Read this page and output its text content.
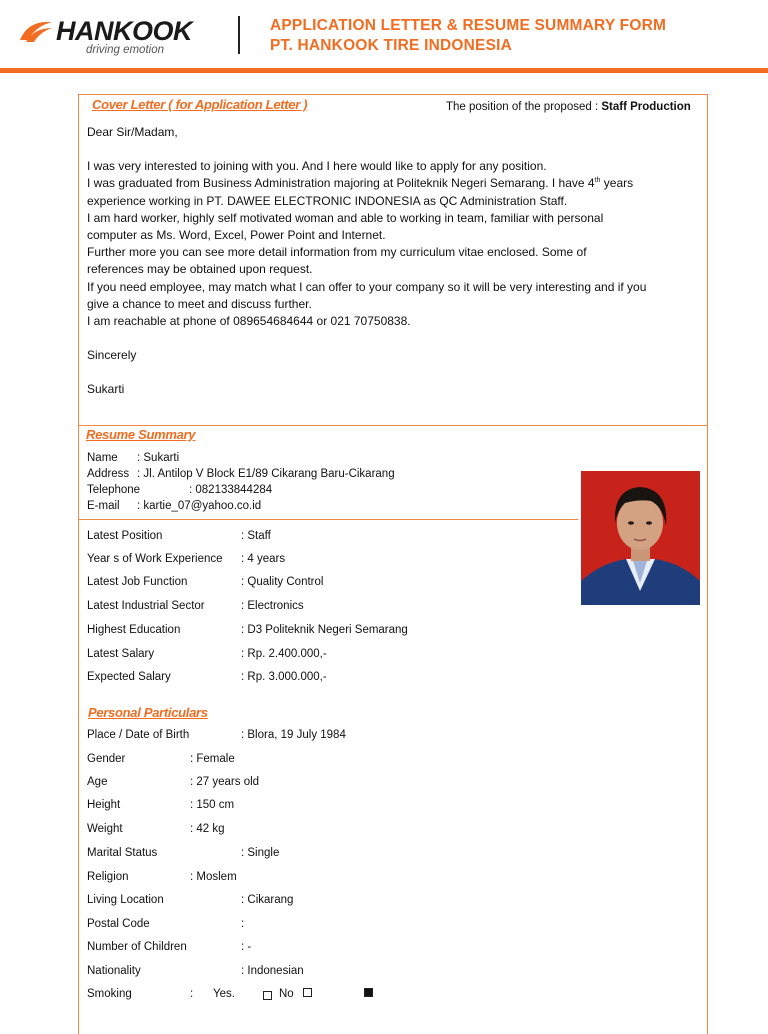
HANKOOK
driving emotion
APPLICATION LETTER & RESUME SUMMARY FORM
PT. HANKOOK TIRE INDONESIA
Cover Letter ( for Application Letter )	The position of the proposed : Staff Production

Dear Sir/Madam,

I was very interested to joining with you. And I here would like to apply for any position.

I was graduated from Business Administration majoring at Politeknik Negeri Semarang. I have 4th years

experience working in PT. DAWEE ELECTRONIC INDONESIA as QC Administration Staff.

I am hard worker, highly self motivated woman and able to working in team, familiar with personal

computer as Ms. Word, Excel, Power Point and Internet.

Further more you can see more detail information from my curriculum vitae enclosed. Some of

references may be obtained upon request.

If you need employee, may match what I can offer to your company so it will be very interesting and if you

give a chance to meet and discuss further.

I am reachable at phone of 089654684644 or 021 70750838.

Sincerely

Sukarti

Resume Summary
Name : Sukarti
Address : Jl. Antilop V Block E1/89 Cikarang Baru-Cikarang
Telephone	: 082133844284
E-mail : kartie_07@yahoo.co.id
Latest Position	: Staff
Year s of Work Experience : 4 years
Latest Job Function	: Quality Control
Latest Industrial Sector	: Electronics
Highest Education	: D3 Politeknik Negeri Semarang
Latest Salary	: Rp. 2.400.000,-
Expected Salary	: Rp. 3.000.000,-
Personal Particulars
Place / Date of Birth	: Blora, 19 July 1984
Gender	: Female
Age	: 27 years old
Height	: 150 cm
Weight	: 42 kg
Marital Status	: Single
Religion	: Moslem
Living Location	: Cikarang
Postal Code	:
Number of Children	: -
Nationality	: Indonesian
Smoking	: Yes.	No
